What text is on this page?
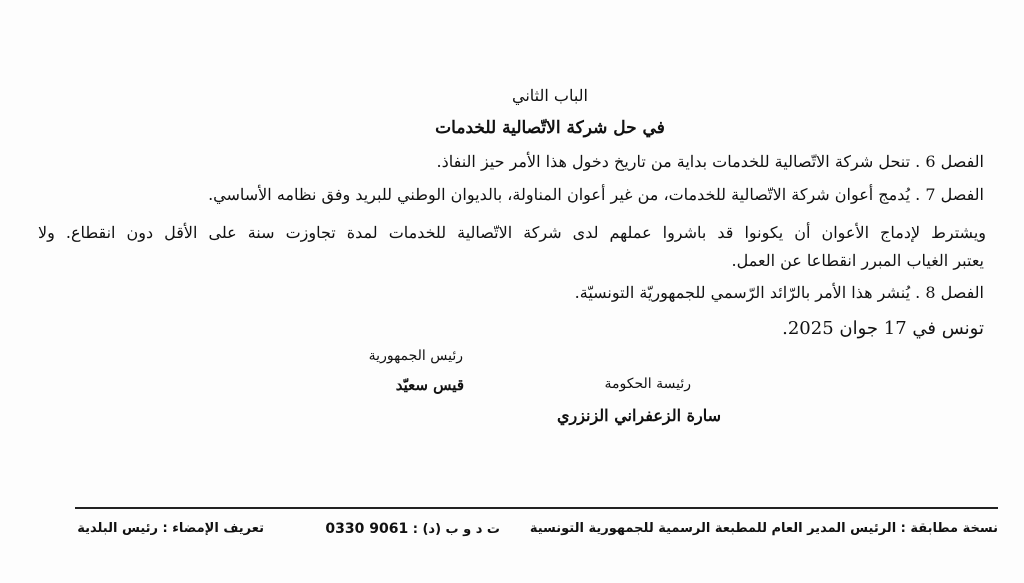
الباب الثاني
في حل شركة الاتّصالية للخدمات
الفصل 6 . تنحل شركة الاتّصالية للخدمات بداية من تاريخ دخول هذا الأمر حيز النفاذ.
الفصل 7 . يُدمج أعوان شركة الاتّصالية للخدمات، من غير أعوان المناولة، بالديوان الوطني للبريد وفق نظامه الأساسي.
ويشترط لإدماج الأعوان أن يكونوا قد باشروا عملهم لدى شركة الاتّصالية للخدمات لمدة تجاوزت سنة على الأقل دون انقطاع. ولا
يعتبر الغياب المبرر انقطاعا عن العمل.
الفصل 8 . يُنشر هذا الأمر بالرّائد الرّسمي للجمهوريّة التونسيّة.
تونس في 17 جوان 2025.
رئيس الجمهورية
قيس سعيّد	رئيسة الحكومة
سارة الزعفراني الزنزري
نسخة مطابقة : الرئيس المدير العام للمطبعة الرسمية للجمهورية التونسية
ت د و ب (د) : 0330 9061
تعريف الإمضاء : رئيس البلدية
